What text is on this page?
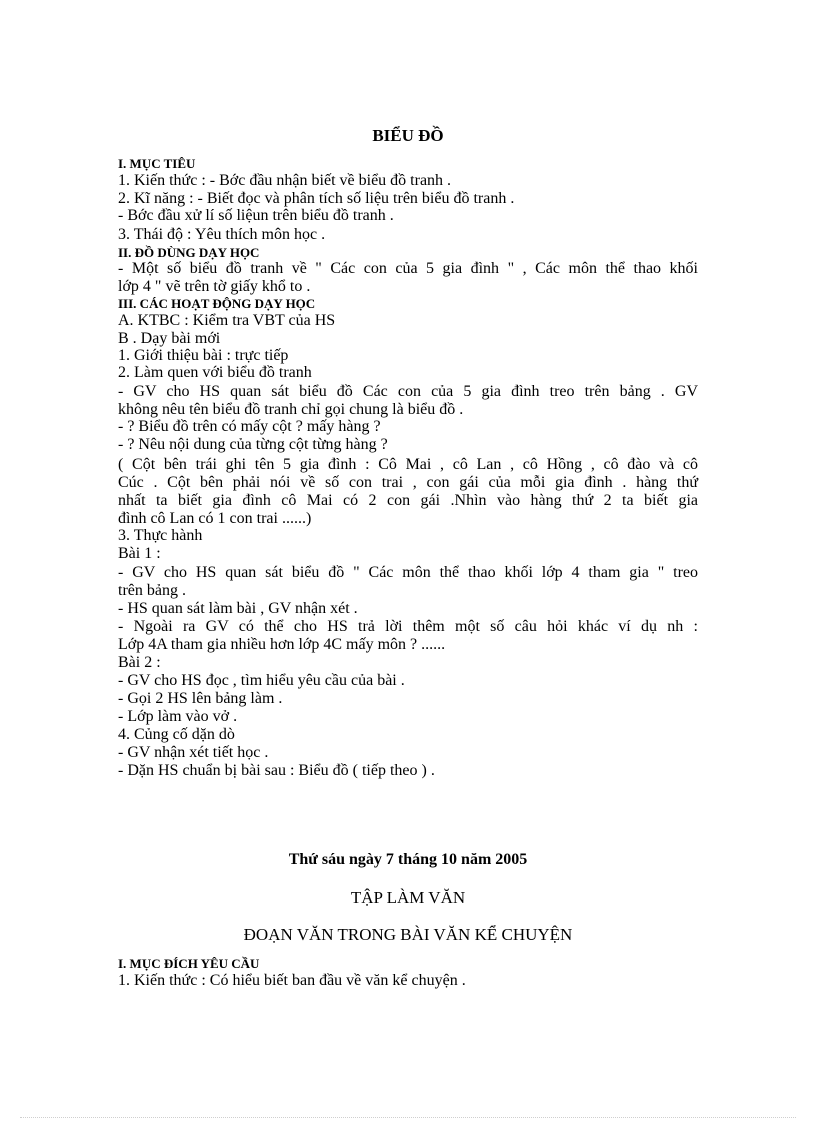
BIỂU ĐỒ
I. MỤC TIÊU
1. Kiến thức : - Bớc đầu nhận biết về biểu đồ tranh .
2. Kĩ năng : - Biết đọc và phân tích số liệu trên biểu đồ tranh .
- Bớc đầu xử lí số liệun trên biểu đồ tranh .
3. Thái độ : Yêu thích môn học .
II. ĐỒ DÙNG DẠY HỌC
- Một số biểu đồ tranh về " Các con của 5 gia đình " , Các môn thể thao khối
lớp 4 " vẽ trên tờ giấy khổ to .
III. CÁC HOẠT ĐỘNG DẠY HỌC
A. KTBC : Kiểm tra VBT của HS
B . Dạy bài mới
1. Giới thiệu bài : trực tiếp
2. Làm quen với biểu đồ tranh
- GV cho HS quan sát biểu đồ Các con của 5 gia đình treo trên bảng . GV
không nêu tên biểu đồ tranh chỉ gọi chung là biểu đồ .
- ? Biểu đồ trên có mấy cột ? mấy hàng ?
- ? Nêu nội dung của từng cột từng hàng ?
( Cột bên trái ghi tên 5 gia đình : Cô Mai , cô Lan , cô Hồng , cô đào và cô
Cúc . Cột bên phải nói về số con trai , con gái của mỗi gia đình . hàng thứ
nhất ta biết gia đình cô Mai có 2 con gái .Nhìn vào hàng thứ 2 ta biết gia
đình cô Lan có 1 con trai ......)
3. Thực hành
Bài 1 :
- GV cho HS quan sát biểu đồ " Các môn thể thao khối lớp 4 tham gia " treo
trên bảng .
- HS quan sát làm bài , GV nhận xét .
- Ngoài ra GV có thể cho HS trả lời thêm một số câu hỏi khác ví dụ nh :
Lớp 4A tham gia nhiều hơn lớp 4C mấy môn ? ......
Bài 2 :
- GV cho HS đọc , tìm hiểu yêu cầu của bài .
- Gọi 2 HS lên bảng làm .
- Lớp làm vào vở .
4. Củng cố dặn dò
- GV nhận xét tiết học .
- Dặn HS chuẩn bị bài sau : Biểu đồ ( tiếp theo ) .
Thứ sáu ngày 7 tháng 10 năm 2005
TẬP LÀM VĂN
ĐOẠN VĂN TRONG BÀI VĂN KỂ CHUYỆN
I. MỤC ĐÍCH YÊU CẦU
1. Kiến thức : Có hiểu biết ban đầu về văn kể chuyện .
